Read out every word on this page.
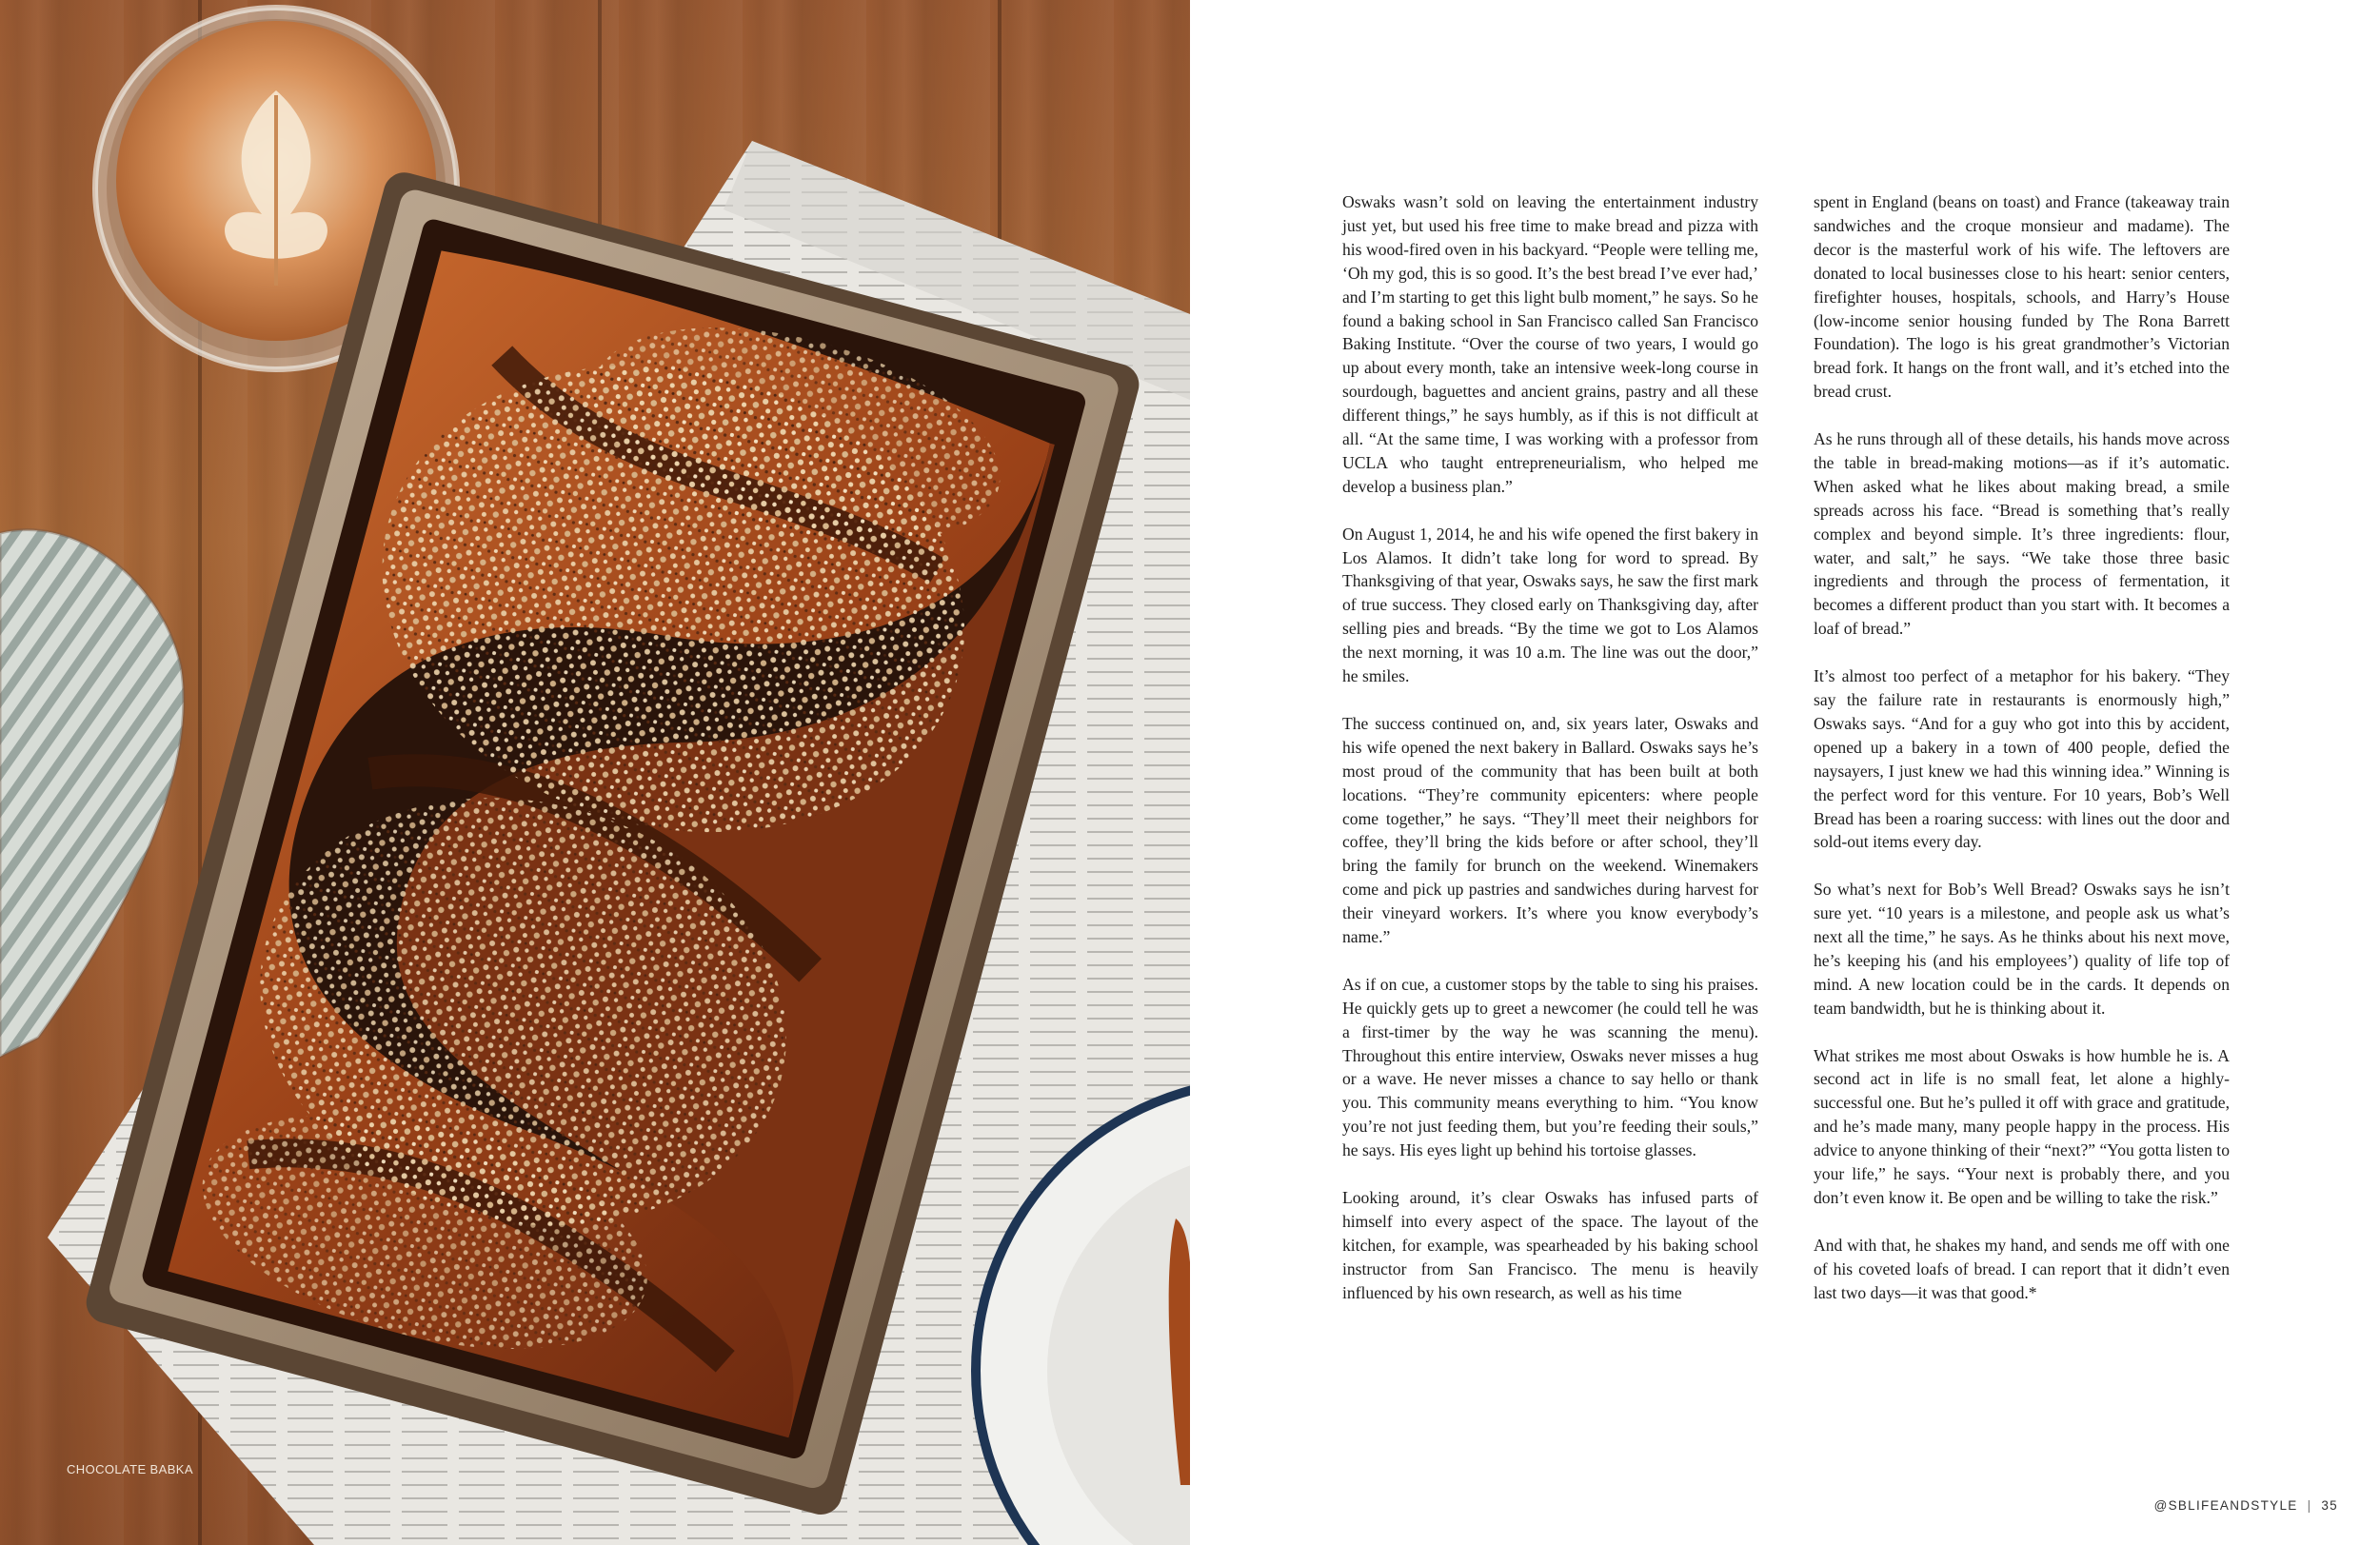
CHOCOLATE BABKA

Oswaks wasn’t sold on leaving the entertainment industry just yet, but used his free time to make bread and pizza with his wood-fired oven in his backyard. “People were telling me, ‘Oh my god, this is so good. It’s the best bread I’ve ever had,’ and I’m starting to get this light bulb moment,” he says. So he found a baking school in San Francisco called San Francisco Baking Institute. “Over the course of two years, I would go up about every month, take an intensive week-long course in sourdough, baguettes and ancient grains, pastry and all these different things,” he says humbly, as if this is not difficult at all. “At the same time, I was working with a professor from UCLA who taught entrepreneurialism, who helped me develop a business plan.”

On August 1, 2014, he and his wife opened the first bakery in Los Alamos. It didn’t take long for word to spread. By Thanksgiving of that year, Oswaks says, he saw the first mark of true success. They closed early on Thanksgiving day, after selling pies and breads. “By the time we got to Los Alamos the next morning, it was 10 a.m. The line was out the door,” he smiles.

The success continued on, and, six years later, Oswaks and his wife opened the next bakery in Ballard. Oswaks says he’s most proud of the community that has been built at both locations. “They’re community epicenters: where people come together,” he says. “They’ll meet their neighbors for coffee, they’ll bring the kids before or after school, they’ll bring the family for brunch on the weekend. Winemakers come and pick up pastries and sandwiches during harvest for their vineyard workers. It’s where you know everybody’s name.”

As if on cue, a customer stops by the table to sing his praises. He quickly gets up to greet a newcomer (he could tell he was a first-timer by the way he was scanning the menu). Throughout this entire interview, Oswaks never misses a hug or a wave. He never misses a chance to say hello or thank you. This community means everything to him. “You know you’re not just feeding them, but you’re feeding their souls,” he says. His eyes light up behind his tortoise glasses.

Looking around, it’s clear Oswaks has infused parts of himself into every aspect of the space. The layout of the kitchen, for example, was spearheaded by his baking school instructor from San Francisco. The menu is heavily influenced by his own research, as well as his time

spent in England (beans on toast) and France (takeaway train sandwiches and the croque monsieur and madame). The decor is the masterful work of his wife. The leftovers are donated to local businesses close to his heart: senior centers, firefighter houses, hospitals, schools, and Harry’s House (low-income senior housing funded by The Rona Barrett Foundation). The logo is his great grandmother’s Victorian bread fork. It hangs on the front wall, and it’s etched into the bread crust.

As he runs through all of these details, his hands move across the table in bread-making motions—as if it’s automatic. When asked what he likes about making bread, a smile spreads across his face. “Bread is something that’s really complex and beyond simple. It’s three ingredients: flour, water, and salt,” he says. “We take those three basic ingredients and through the process of fermentation, it becomes a different product than you start with. It becomes a loaf of bread.”

It’s almost too perfect of a metaphor for his bakery. “They say the failure rate in restaurants is enormously high,” Oswaks says. “And for a guy who got into this by accident, opened up a bakery in a town of 400 people, defied the naysayers, I just knew we had this winning idea.” Winning is the perfect word for this venture. For 10 years, Bob’s Well Bread has been a roaring success: with lines out the door and sold-out items every day.

So what’s next for Bob’s Well Bread? Oswaks says he isn’t sure yet. “10 years is a milestone, and people ask us what’s next all the time,” he says. As he thinks about his next move, he’s keeping his (and his employees’) quality of life top of mind. A new location could be in the cards. It depends on team bandwidth, but he is thinking about it.

What strikes me most about Oswaks is how humble he is. A second act in life is no small feat, let alone a highly-successful one. But he’s pulled it off with grace and gratitude, and he’s made many, many people happy in the process. His advice to anyone thinking of their “next?” “You gotta listen to your life,” he says. “Your next is probably there, and you don’t even know it. Be open and be willing to take the risk.”

And with that, he shakes my hand, and sends me off with one of his coveted loafs of bread. I can report that it didn’t even last two days—it was that good.*

@SBLIFEANDSTYLE | 35
